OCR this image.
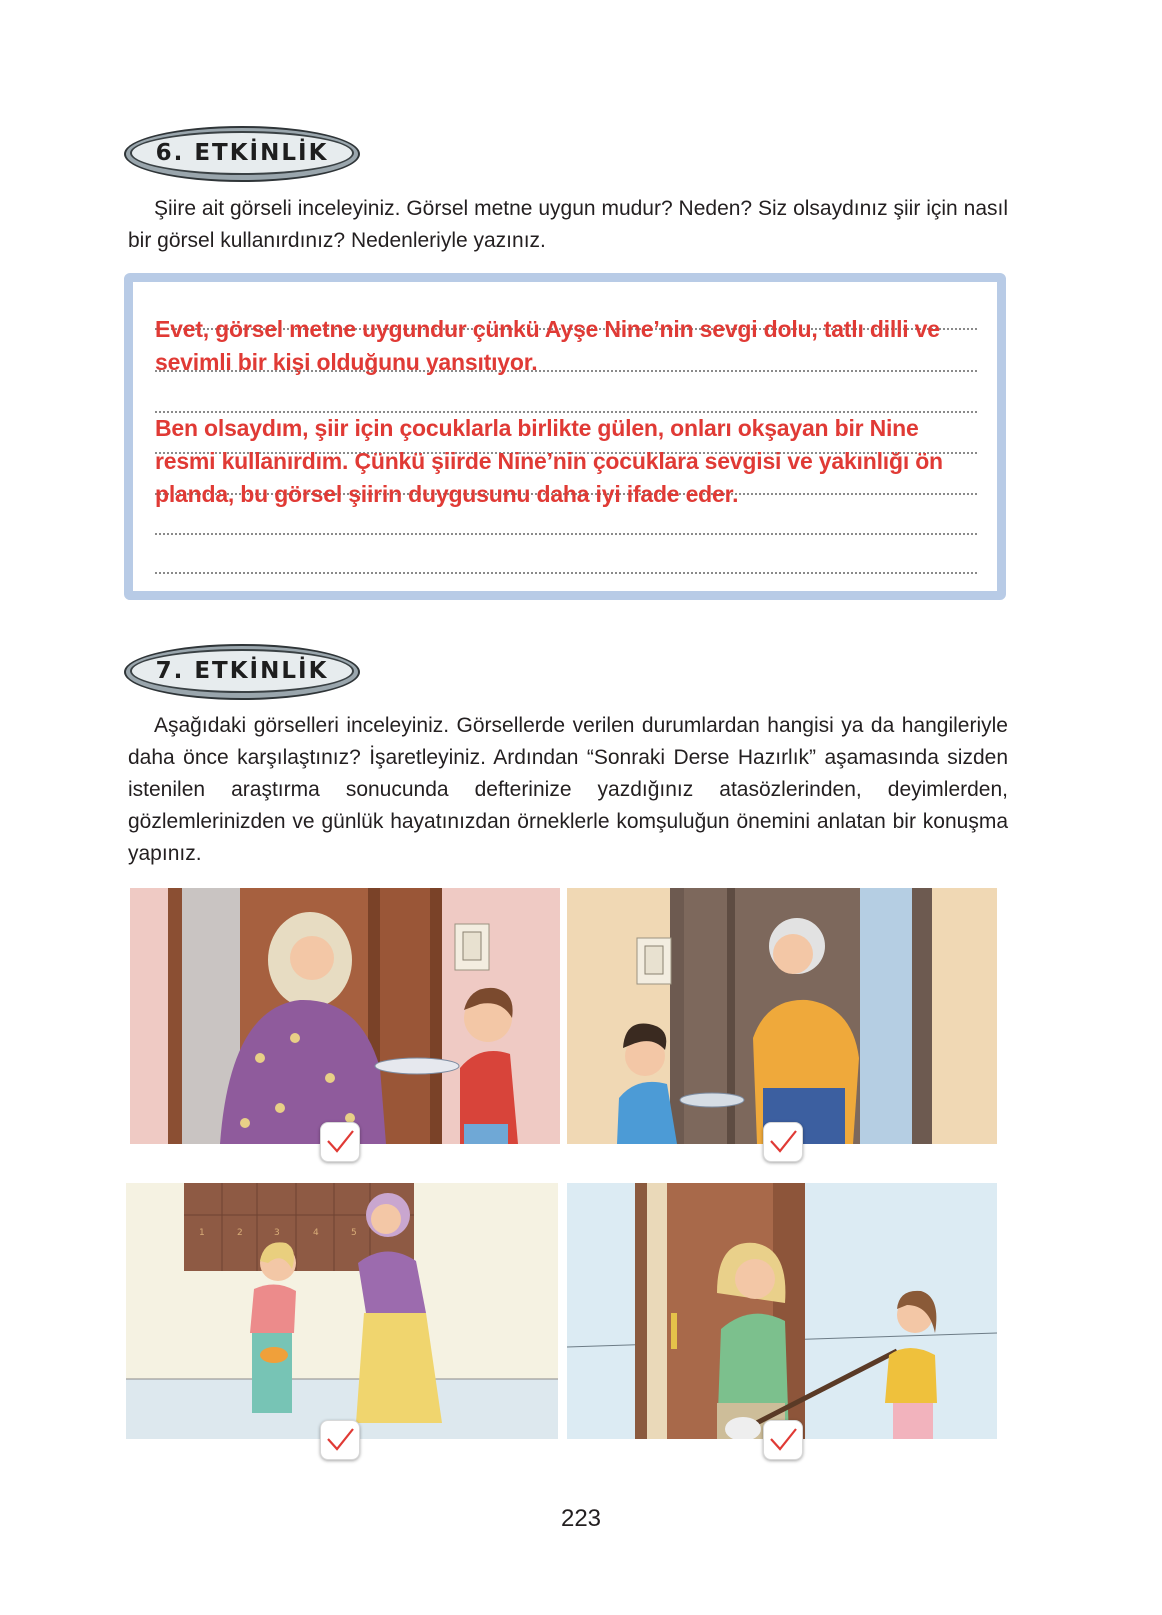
6. ETKİNLİK
Şiire ait görseli inceleyiniz. Görsel metne uygun mudur? Neden? Siz olsaydınız şiir için nasıl bir görsel kullanırdınız? Nedenleriyle yazınız.
Evet, görsel metne uygundur çünkü Ayşe Nine’nin sevgi dolu, tatlı dilli ve sevimli bir kişi olduğunu yansıtıyor.
Ben olsaydım, şiir için çocuklarla birlikte gülen, onları okşayan bir Nine resmi kullanırdım. Çünkü şiirde Nine’nin çocuklara sevgisi ve yakınlığı ön planda, bu görsel şiirin duygusunu daha iyi ifade eder.
7. ETKİNLİK
Aşağıdaki görselleri inceleyiniz. Görsellerde verilen durumlardan hangisi ya da hangileriyle daha önce karşılaştınız? İşaretleyiniz. Ardından “Sonraki Derse Hazırlık” aşamasında sizden istenilen araştırma sonucunda defterinize yazdığınız atasözlerinden, deyimlerden, gözlemlerinizden ve günlük hayatınızdan örneklerle komşuluğun önemini anlatan bir konuşma yapınız.
1	2	3	4	5
223
